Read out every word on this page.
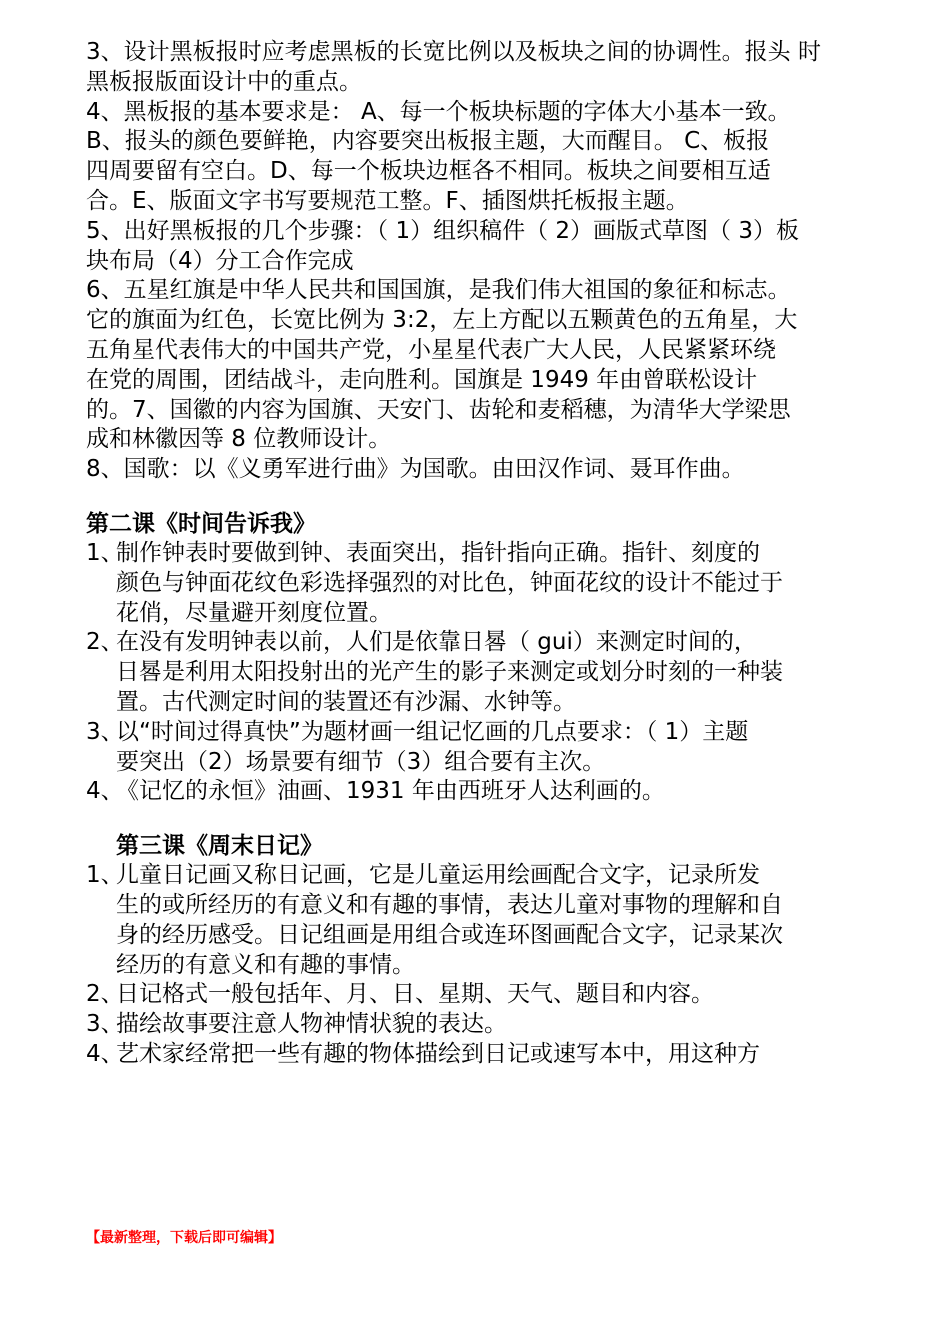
3、设计黑板报时应考虑黑板的长宽比例以及板块之间的协调性。报头 时
黑板报版面设计中的重点。
4、黑板报的基本要求是： A、每一个板块标题的字体大小基本一致。
B、报头的颜色要鲜艳，内容要突出板报主题，大而醒目。 C、板报
四周要留有空白。D、每一个板块边框各不相同。板块之间要相互适
合。E、版面文字书写要规范工整。F、插图烘托板报主题。
5、出好黑板报的几个步骤：（ 1）组织稿件（ 2）画版式草图（ 3）板
块布局（4）分工合作完成
6、五星红旗是中华人民共和国国旗，是我们伟大祖国的象征和标志。
它的旗面为红色，长宽比例为 3:2，左上方配以五颗黄色的五角星，大
五角星代表伟大的中国共产党，小星星代表广大人民，人民紧紧环绕
在党的周围，团结战斗，走向胜利。国旗是 1949 年由曾联松设计
的。7、国徽的内容为国旗、天安门、齿轮和麦稻穗，为清华大学梁思
成和林徽因等 8 位教师设计。
8、国歌：以《义勇军进行曲》为国歌。由田汉作词、聂耳作曲。
第二课《时间告诉我》
1、
制作钟表时要做到钟、表面突出，指针指向正确。指针、刻度的
颜色与钟面花纹色彩选择强烈的对比色，钟面花纹的设计不能过于
花俏，尽量避开刻度位置。
2、
在没有发明钟表以前，人们是依靠日晷（ gui）来测定时间的，
日晷是利用太阳投射出的光产生的影子来测定或划分时刻的一种装
置。古代测定时间的装置还有沙漏、水钟等。
3、
以“时间过得真快”为题材画一组记忆画的几点要求：（ 1）主题
要突出（2）场景要有细节（3）组合要有主次。
4、
《记忆的永恒》油画、1931 年由西班牙人达利画的。
第三课《周末日记》
1、
儿童日记画又称日记画，它是儿童运用绘画配合文字，记录所发
生的或所经历的有意义和有趣的事情，表达儿童对事物的理解和自
身的经历感受。日记组画是用组合或连环图画配合文字，记录某次
经历的有意义和有趣的事情。
2、
日记格式一般包括年、月、日、星期、天气、题目和内容。
3、
描绘故事要注意人物神情状貌的表达。
4、
艺术家经常把一些有趣的物体描绘到日记或速写本中，用这种方
【最新整理，下载后即可编辑】
